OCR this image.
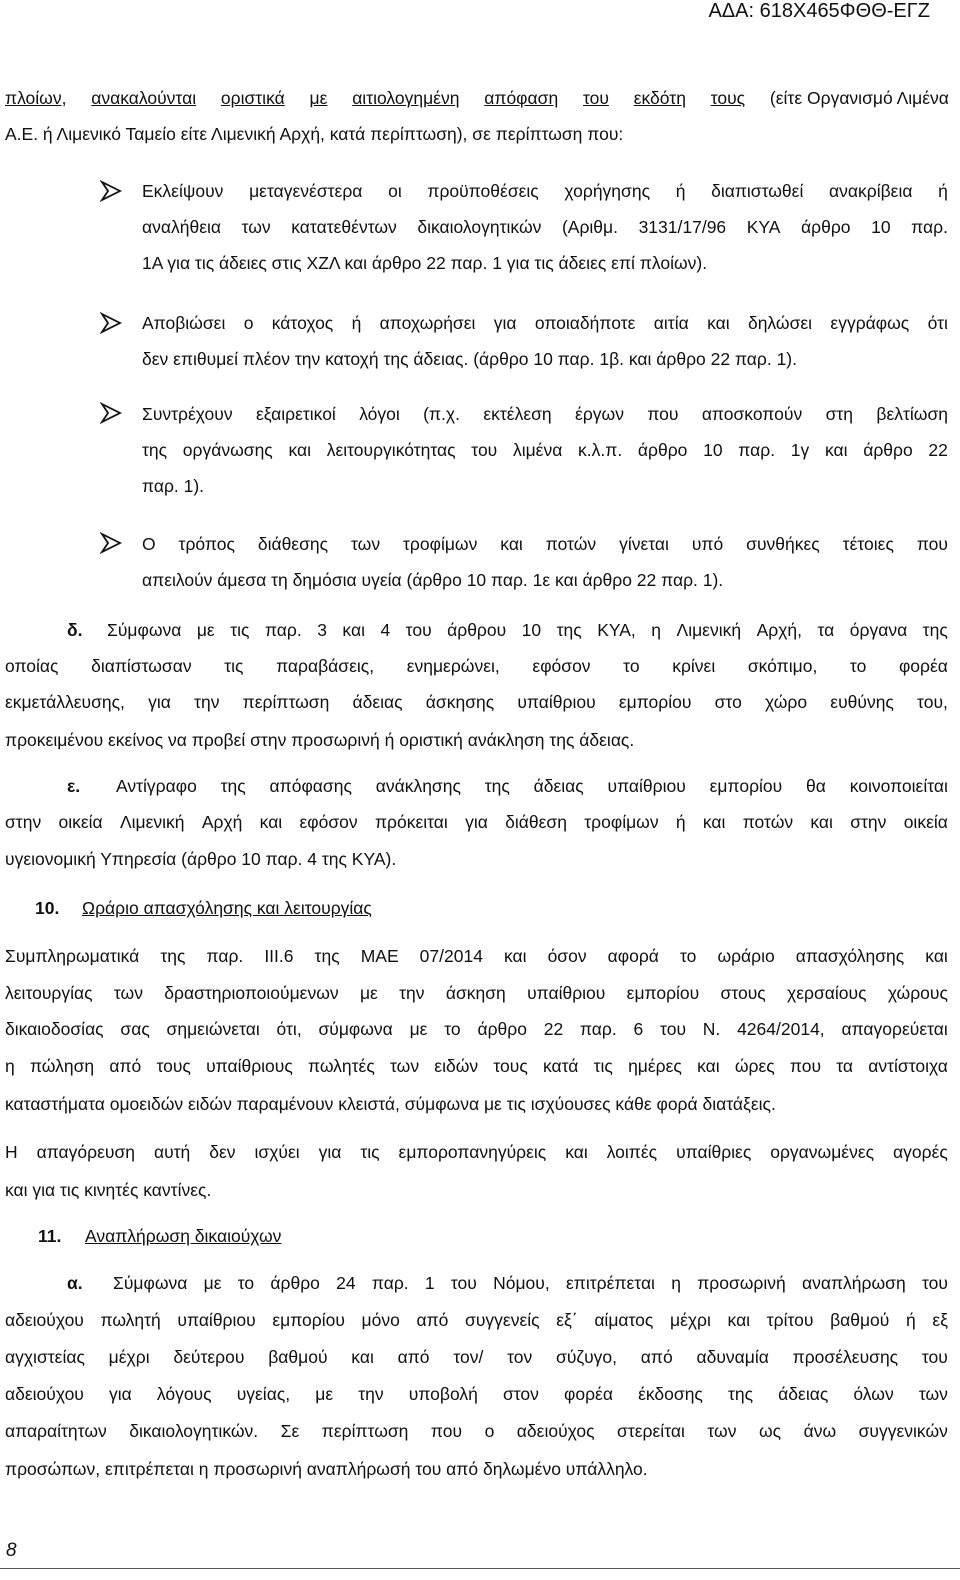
ΑΔΑ: 618Χ465ΦΘΘ-ΕΓΖ
πλοίων, ανακαλούνται οριστικά με αιτιολογημένη απόφαση του εκδότη τους (είτε Οργανισμό Λιμένα
Α.Ε. ή Λιμενικό Ταμείο είτε Λιμενική Αρχή, κατά περίπτωση), σε περίπτωση που:
Εκλείψουν μεταγενέστερα οι προϋποθέσεις χορήγησης ή διαπιστωθεί ανακρίβεια ή
αναλήθεια των κατατεθέντων δικαιολογητικών (Αριθμ. 3131/17/96 ΚΥΑ άρθρο 10 παρ.
1Α για τις άδειες στις ΧΖΛ και άρθρο 22 παρ. 1 για τις άδειες επί πλοίων).
Αποβιώσει ο κάτοχος ή αποχωρήσει για οποιαδήποτε αιτία και δηλώσει εγγράφως ότι
δεν επιθυμεί πλέον την κατοχή της άδειας. (άρθρο 10 παρ. 1β. και άρθρο 22 παρ. 1).
Συντρέχουν εξαιρετικοί λόγοι (π.χ. εκτέλεση έργων που αποσκοπούν στη βελτίωση
της οργάνωσης και λειτουργικότητας του λιμένα κ.λ.π. άρθρο 10 παρ. 1γ και άρθρο 22
παρ. 1).
Ο τρόπος διάθεσης των τροφίμων και ποτών γίνεται υπό συνθήκες τέτοιες που
απειλούν άμεσα τη δημόσια υγεία (άρθρο 10 παρ. 1ε και άρθρο 22 παρ. 1).
δ. Σύμφωνα με τις παρ. 3 και 4 του άρθρου 10 της ΚΥΑ, η Λιμενική Αρχή, τα όργανα της
οποίας διαπίστωσαν τις παραβάσεις, ενημερώνει, εφόσον το κρίνει σκόπιμο, το φορέα
εκμετάλλευσης, για την περίπτωση άδειας άσκησης υπαίθριου εμπορίου στο χώρο ευθύνης του,
προκειμένου εκείνος να προβεί στην προσωρινή ή οριστική ανάκληση της άδειας.
ε. Αντίγραφο της απόφασης ανάκλησης της άδειας υπαίθριου εμπορίου θα κοινοποιείται
στην οικεία Λιμενική Αρχή και εφόσον πρόκειται για διάθεση τροφίμων ή και ποτών και στην οικεία
υγειονομική Υπηρεσία (άρθρο 10 παρ. 4 της ΚΥΑ).
10. Ωράριο απασχόλησης και λειτουργίας
Συμπληρωματικά της παρ. ΙΙΙ.6 της ΜΑΕ 07/2014 και όσον αφορά το ωράριο απασχόλησης και
λειτουργίας των δραστηριοποιούμενων με την άσκηση υπαίθριου εμπορίου στους χερσαίους χώρους
δικαιοδοσίας σας σημειώνεται ότι, σύμφωνα με το άρθρο 22 παρ. 6 του Ν. 4264/2014, απαγορεύεται
η πώληση από τους υπαίθριους πωλητές των ειδών τους κατά τις ημέρες και ώρες που τα αντίστοιχα
καταστήματα ομοειδών ειδών παραμένουν κλειστά, σύμφωνα με τις ισχύουσες κάθε φορά διατάξεις.
Η απαγόρευση αυτή δεν ισχύει για τις εμποροπανηγύρεις και λοιπές υπαίθριες οργανωμένες αγορές
και για τις κινητές καντίνες.
11. Αναπλήρωση δικαιούχων
α. Σύμφωνα με το άρθρο 24 παρ. 1 του Νόμου, επιτρέπεται η προσωρινή αναπλήρωση του
αδειούχου πωλητή υπαίθριου εμπορίου μόνο από συγγενείς εξ΄ αίματος μέχρι και τρίτου βαθμού ή εξ
αγχιστείας μέχρι δεύτερου βαθμού και από τον/ τον σύζυγο, από αδυναμία προσέλευσης του
αδειούχου για λόγους υγείας, με την υποβολή στον φορέα έκδοσης της άδειας όλων των
απαραίτητων δικαιολογητικών. Σε περίπτωση που ο αδειούχος στερείται των ως άνω συγγενικών
προσώπων, επιτρέπεται η προσωρινή αναπλήρωσή του από δηλωμένο υπάλληλο.
8
